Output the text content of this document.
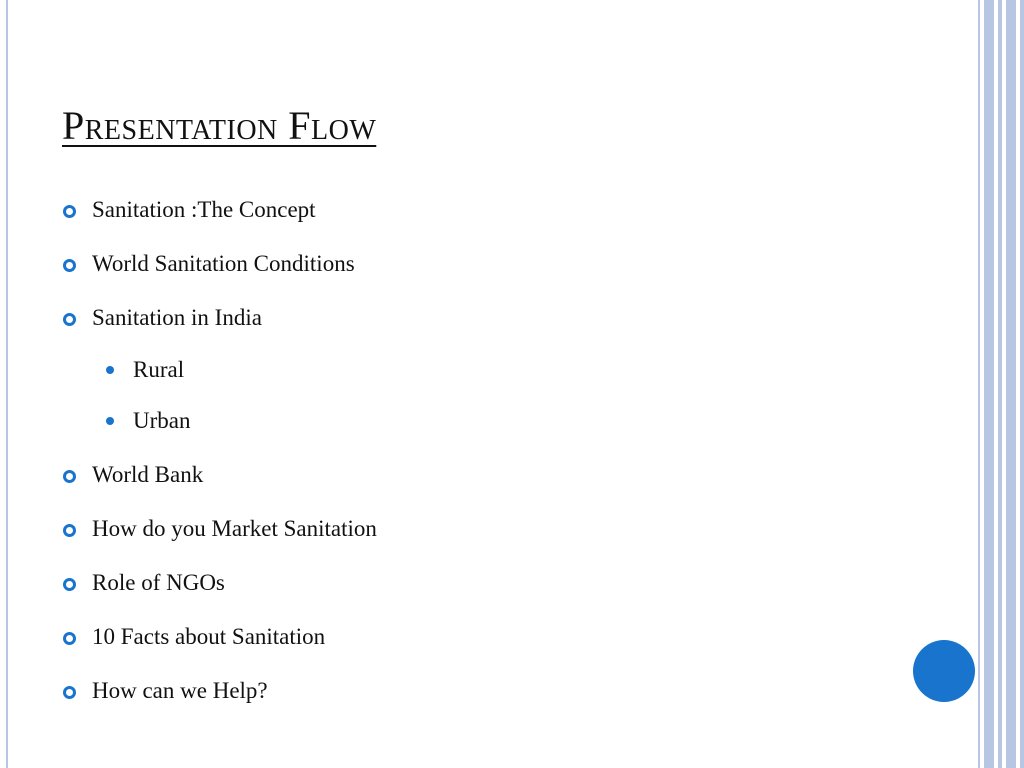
Presentation Flow
Sanitation :The Concept
World Sanitation Conditions
Sanitation in India
Rural
Urban
World Bank
How do you Market Sanitation
Role of NGOs
10 Facts about Sanitation
How can we Help?
